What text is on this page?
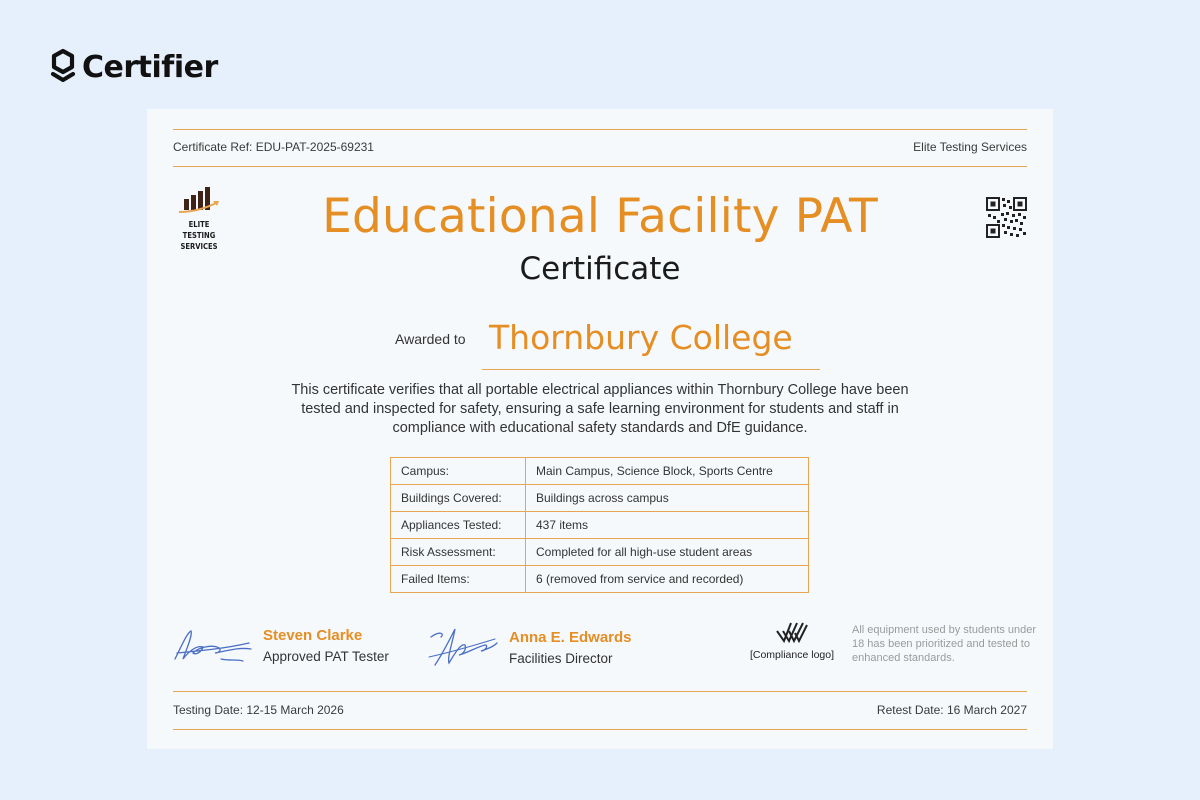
Certifier
Certificate Ref: EDU-PAT-2025-69231	Elite Testing Services
ELITE TESTING
SERVICES
Educational Facility PAT
Certificate
Awarded to Thornbury College
This certificate verifies that all portable electrical appliances within Thornbury College have been tested and inspected for safety, ensuring a safe learning environment for students and staff in compliance with educational safety standards and DfE guidance.
Campus:	Main Campus, Science Block, Sports Centre
Buildings Covered:	Buildings across campus
Appliances Tested:	437 items
Risk Assessment:	Completed for all high-use student areas
Failed Items:	6 (removed from service and recorded)
Steven Clarke
Approved PAT Tester
Anna E. Edwards
Facilities Director	[Compliance logo]
All equipment used by students under 18 has been prioritized and tested to enhanced standards.
Testing Date: 12-15 March 2026	Retest Date: 16 March 2027
